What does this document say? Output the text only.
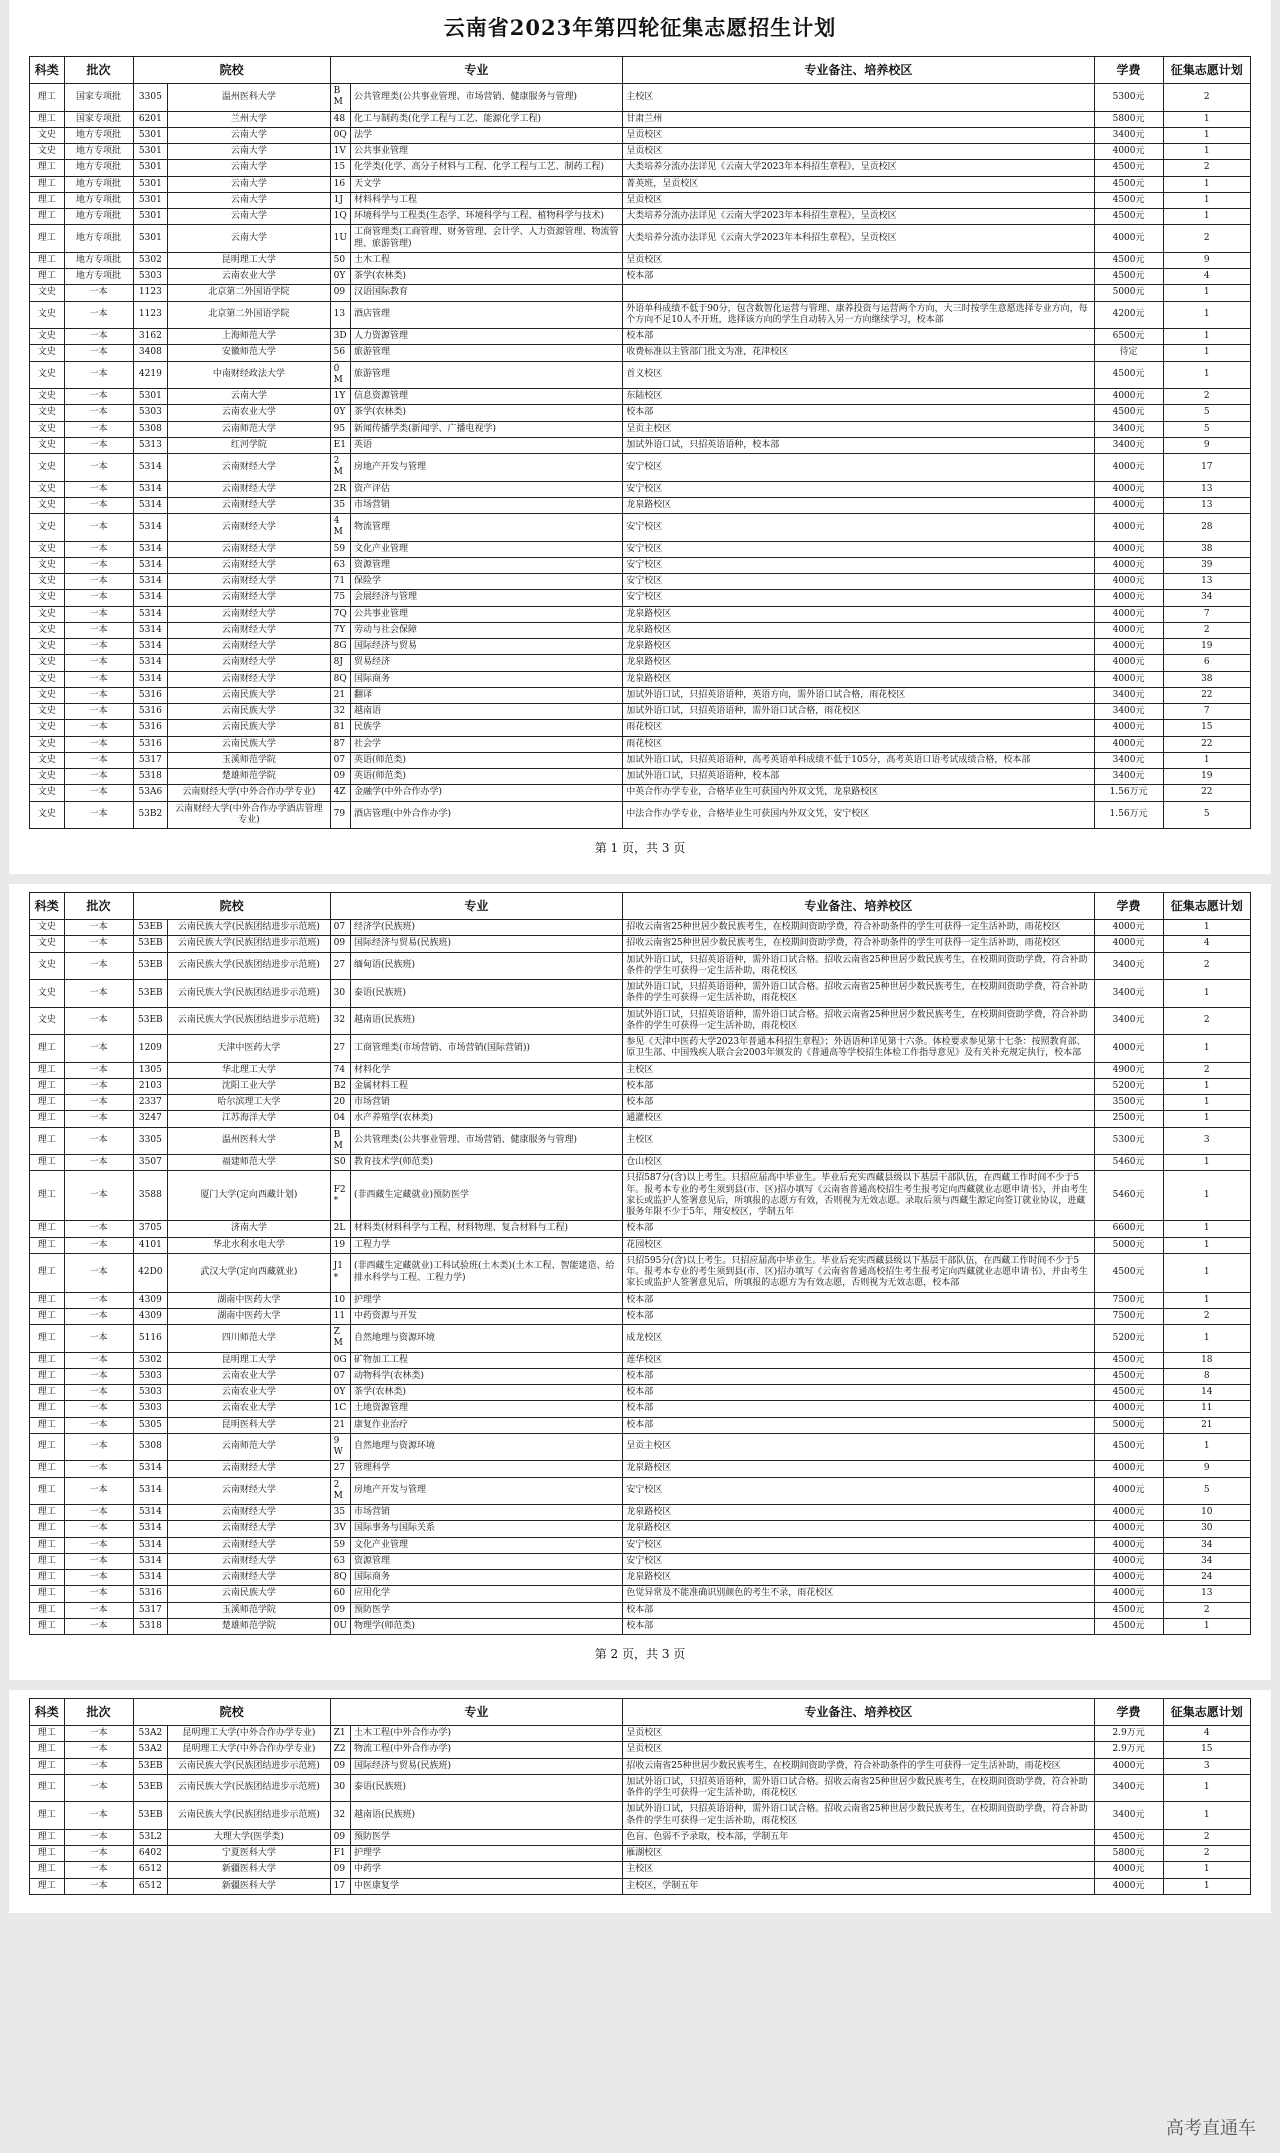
云南省2023年第四轮征集志愿招生计划
科类	批次	院校		专业		专业备注、培养校区	学费	征集志愿计划
理工	国家专项批	3305	温州医科大学	BM	公共管理类(公共事业管理、市场营销、健康服务与管理)	主校区	5300元	2
理工	国家专项批	6201	兰州大学	48	化工与制药类(化学工程与工艺、能源化学工程)	甘肃兰州	5800元	1
文史	地方专项批	5301	云南大学	0Q	法学	呈贡校区	3400元	1
文史	地方专项批	5301	云南大学	1V	公共事业管理	呈贡校区	4000元	1
理工	地方专项批	5301	云南大学	15	化学类(化学、高分子材料与工程、化学工程与工艺、制药工程)	大类培养分流办法详见《云南大学2023年本科招生章程》，呈贡校区	4500元	2
理工	地方专项批	5301	云南大学	16	天文学	菁英班，呈贡校区	4500元	1
理工	地方专项批	5301	云南大学	1J	材料科学与工程	呈贡校区	4500元	1
理工	地方专项批	5301	云南大学	1Q	环境科学与工程类(生态学、环境科学与工程、植物科学与技术)	大类培养分流办法详见《云南大学2023年本科招生章程》，呈贡校区	4500元	1
理工	地方专项批	5301	云南大学	1U	工商管理类(工商管理、财务管理、会计学、人力资源管理、物流管理、旅游管理)	大类培养分流办法详见《云南大学2023年本科招生章程》，呈贡校区	4000元	2
理工	地方专项批	5302	昆明理工大学	50	土木工程	呈贡校区	4500元	9
理工	地方专项批	5303	云南农业大学	0Y	茶学(农林类)	校本部	4500元	4
文史	一本	1123	北京第二外国语学院	09	汉语国际教育		5000元	1
文史	一本	1123	北京第二外国语学院	13	酒店管理	外语单科成绩不低于90分，包含数智化运营与管理、康养投资与运营两个方向，大三时按学生意愿选择专业方向，每个方向不足10人不开班，选择该方向的学生自动转入另一方向继续学习，校本部	4200元	1
文史	一本	3162	上海师范大学	3D	人力资源管理	校本部	6500元	1
文史	一本	3408	安徽师范大学	56	旅游管理	收费标准以主管部门批文为准，花津校区	待定	1
文史	一本	4219	中南财经政法大学	0M	旅游管理	首义校区	4500元	1
文史	一本	5301	云南大学	1Y	信息资源管理	东陆校区	4000元	2
文史	一本	5303	云南农业大学	0Y	茶学(农林类)	校本部	4500元	5
文史	一本	5308	云南师范大学	95	新闻传播学类(新闻学、广播电视学)	呈贡主校区	3400元	5
文史	一本	5313	红河学院	E1	英语	加试外语口试，只招英语语种，校本部	3400元	9
文史	一本	5314	云南财经大学	2M	房地产开发与管理	安宁校区	4000元	17
文史	一本	5314	云南财经大学	2R	资产评估	安宁校区	4000元	13
文史	一本	5314	云南财经大学	35	市场营销	龙泉路校区	4000元	13
文史	一本	5314	云南财经大学	4M	物流管理	安宁校区	4000元	28
文史	一本	5314	云南财经大学	59	文化产业管理	安宁校区	4000元	38
文史	一本	5314	云南财经大学	63	资源管理	安宁校区	4000元	39
文史	一本	5314	云南财经大学	71	保险学	安宁校区	4000元	13
文史	一本	5314	云南财经大学	75	会展经济与管理	安宁校区	4000元	34
文史	一本	5314	云南财经大学	7Q	公共事业管理	龙泉路校区	4000元	7
文史	一本	5314	云南财经大学	7Y	劳动与社会保障	龙泉路校区	4000元	2
文史	一本	5314	云南财经大学	8G	国际经济与贸易	龙泉路校区	4000元	19
文史	一本	5314	云南财经大学	8J	贸易经济	龙泉路校区	4000元	6
文史	一本	5314	云南财经大学	8Q	国际商务	龙泉路校区	4000元	38
文史	一本	5316	云南民族大学	21	翻译	加试外语口试，只招英语语种，英语方向，需外语口试合格，雨花校区	3400元	22
文史	一本	5316	云南民族大学	32	越南语	加试外语口试，只招英语语种，需外语口试合格，雨花校区	3400元	7
文史	一本	5316	云南民族大学	81	民族学	雨花校区	4000元	15
文史	一本	5316	云南民族大学	87	社会学	雨花校区	4000元	22
文史	一本	5317	玉溪师范学院	07	英语(师范类)	加试外语口试，只招英语语种，高考英语单科成绩不低于105分，高考英语口语考试成绩合格，校本部	3400元	1
文史	一本	5318	楚雄师范学院	09	英语(师范类)	加试外语口试，只招英语语种，校本部	3400元	19
文史	一本	53A6	云南财经大学(中外合作办学专业)	4Z	金融学(中外合作办学)	中英合作办学专业，合格毕业生可获国内外双文凭，龙泉路校区	1.56万元	22
文史	一本	53B2	云南财经大学(中外合作办学酒店管理专业)	79	酒店管理(中外合作办学)	中法合作办学专业，合格毕业生可获国内外双文凭，安宁校区	1.56万元	5
第 1 页，共 3 页
科类	批次	院校		专业		专业备注、培养校区	学费	征集志愿计划
文史	一本	53EB	云南民族大学(民族团结进步示范班)	07	经济学(民族班)	招收云南省25种世居少数民族考生，在校期间资助学费，符合补助条件的学生可获得一定生活补助，雨花校区	4000元	1
文史	一本	53EB	云南民族大学(民族团结进步示范班)	09	国际经济与贸易(民族班)	招收云南省25种世居少数民族考生，在校期间资助学费，符合补助条件的学生可获得一定生活补助，雨花校区	4000元	4
文史	一本	53EB	云南民族大学(民族团结进步示范班)	27	缅甸语(民族班)	加试外语口试，只招英语语种，需外语口试合格。招收云南省25种世居少数民族考生，在校期间资助学费，符合补助条件的学生可获得一定生活补助，雨花校区	3400元	2
文史	一本	53EB	云南民族大学(民族团结进步示范班)	30	泰语(民族班)	加试外语口试，只招英语语种，需外语口试合格。招收云南省25种世居少数民族考生，在校期间资助学费，符合补助条件的学生可获得一定生活补助，雨花校区	3400元	1
文史	一本	53EB	云南民族大学(民族团结进步示范班)	32	越南语(民族班)	加试外语口试，只招英语语种，需外语口试合格。招收云南省25种世居少数民族考生，在校期间资助学费，符合补助条件的学生可获得一定生活补助，雨花校区	3400元	2
理工	一本	1209	天津中医药大学	27	工商管理类(市场营销、市场营销(国际营销))	参见《天津中医药大学2023年普通本科招生章程》；外语语种详见第十六条。体检要求参见第十七条：按照教育部、原卫生部、中国残疾人联合会2003年颁发的《普通高等学校招生体检工作指导意见》及有关补充规定执行，校本部	4000元	1
理工	一本	1305	华北理工大学	74	材料化学	主校区	4900元	2
理工	一本	2103	沈阳工业大学	B2	金属材料工程	校本部	5200元	1
理工	一本	2337	哈尔滨理工大学	20	市场营销	校本部	3500元	1
理工	一本	3247	江苏海洋大学	04	水产养殖学(农林类)	通灌校区	2500元	1
理工	一本	3305	温州医科大学	BM	公共管理类(公共事业管理、市场营销、健康服务与管理)	主校区	5300元	3
理工	一本	3507	福建师范大学	S0	教育技术学(师范类)	仓山校区	5460元	1
理工	一本	3588	厦门大学(定向西藏计划)	F2*	(非西藏生定藏就业)预防医学	只招587分(含)以上考生。只招应届高中毕业生。毕业后充实西藏县级以下基层干部队伍，在西藏工作时间不少于5年。报考本专业的考生须到县(市、区)招办填写《云南省普通高校招生考生报考定向西藏就业志愿申请书》，并由考生家长或监护人签署意见后，所填报的志愿方有效，否则视为无效志愿。录取后须与西藏生源定向签订就业协议，进藏服务年限不少于5年，翔安校区，学制五年	5460元	1
理工	一本	3705	济南大学	2L	材料类(材料科学与工程、材料物理、复合材料与工程)	校本部	6600元	1
理工	一本	4101	华北水利水电大学	19	工程力学	花园校区	5000元	1
理工	一本	42D0	武汉大学(定向西藏就业)	J1*	(非西藏生定藏就业)工科试验班(土木类)(土木工程、智能建造、给排水科学与工程、工程力学)	只招595分(含)以上考生。只招应届高中毕业生。毕业后充实西藏县级以下基层干部队伍，在西藏工作时间不少于5年。报考本专业的考生须到县(市、区)招办填写《云南省普通高校招生考生报考定向西藏就业志愿申请书》，并由考生家长或监护人签署意见后，所填报的志愿方为有效志愿，否则视为无效志愿，校本部	4500元	1
理工	一本	4309	湖南中医药大学	10	护理学	校本部	7500元	1
理工	一本	4309	湖南中医药大学	11	中药资源与开发	校本部	7500元	2
理工	一本	5116	四川师范大学	ZM	自然地理与资源环境	成龙校区	5200元	1
理工	一本	5302	昆明理工大学	0G	矿物加工工程	莲华校区	4500元	18
理工	一本	5303	云南农业大学	07	动物科学(农林类)	校本部	4500元	8
理工	一本	5303	云南农业大学	0Y	茶学(农林类)	校本部	4500元	14
理工	一本	5303	云南农业大学	1C	土地资源管理	校本部	4000元	11
理工	一本	5305	昆明医科大学	21	康复作业治疗	校本部	5000元	21
理工	一本	5308	云南师范大学	9W	自然地理与资源环境	呈贡主校区	4500元	1
理工	一本	5314	云南财经大学	27	管理科学	龙泉路校区	4000元	9
理工	一本	5314	云南财经大学	2M	房地产开发与管理	安宁校区	4000元	5
理工	一本	5314	云南财经大学	35	市场营销	龙泉路校区	4000元	10
理工	一本	5314	云南财经大学	3V	国际事务与国际关系	龙泉路校区	4000元	30
理工	一本	5314	云南财经大学	59	文化产业管理	安宁校区	4000元	34
理工	一本	5314	云南财经大学	63	资源管理	安宁校区	4000元	34
理工	一本	5314	云南财经大学	8Q	国际商务	龙泉路校区	4000元	24
理工	一本	5316	云南民族大学	60	应用化学	色觉异常及不能准确识别颜色的考生不录，雨花校区	4000元	13
理工	一本	5317	玉溪师范学院	09	预防医学	校本部	4500元	2
理工	一本	5318	楚雄师范学院	0U	物理学(师范类)	校本部	4500元	1
第 2 页，共 3 页
科类	批次	院校		专业		专业备注、培养校区	学费	征集志愿计划
理工	一本	53A2	昆明理工大学(中外合作办学专业)	Z1	土木工程(中外合作办学)	呈贡校区	2.9万元	4
理工	一本	53A2	昆明理工大学(中外合作办学专业)	Z2	物流工程(中外合作办学)	呈贡校区	2.9万元	15
理工	一本	53EB	云南民族大学(民族团结进步示范班)	09	国际经济与贸易(民族班)	招收云南省25种世居少数民族考生，在校期间资助学费，符合补助条件的学生可获得一定生活补助，雨花校区	4000元	3
理工	一本	53EB	云南民族大学(民族团结进步示范班)	30	泰语(民族班)	加试外语口试，只招英语语种，需外语口试合格。招收云南省25种世居少数民族考生，在校期间资助学费，符合补助条件的学生可获得一定生活补助，雨花校区	3400元	1
理工	一本	53EB	云南民族大学(民族团结进步示范班)	32	越南语(民族班)	加试外语口试，只招英语语种，需外语口试合格。招收云南省25种世居少数民族考生，在校期间资助学费，符合补助条件的学生可获得一定生活补助，雨花校区	3400元	1
理工	一本	53L2	大理大学(医学类)	09	预防医学	色盲、色弱不予录取，校本部，学制五年	4500元	2
理工	一本	6402	宁夏医科大学	F1	护理学	雁湖校区	5800元	2
理工	一本	6512	新疆医科大学	09	中药学	主校区	4000元	1
理工	一本	6512	新疆医科大学	17	中医康复学	主校区，学制五年	4000元	1
高考直通车
